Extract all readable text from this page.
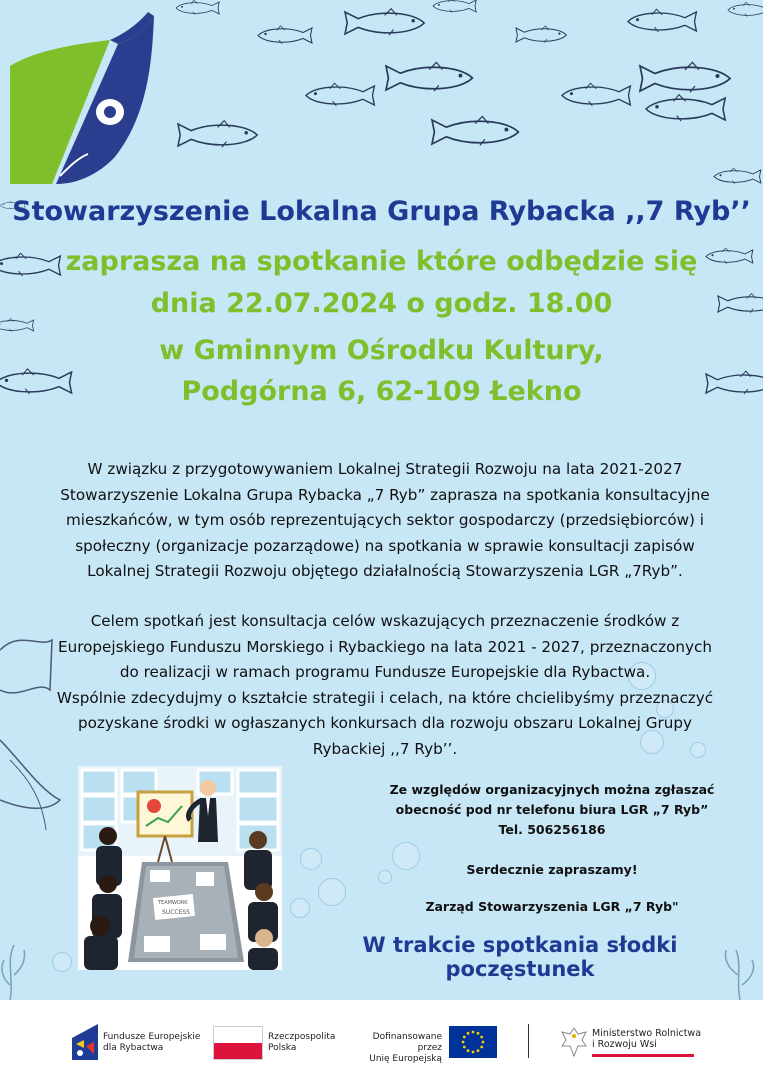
Stowarzyszenie Lokalna Grupa Rybacka ,,7 Ryb’’
zaprasza na spotkanie które odbędzie się
dnia 22.07.2024 o godz. 18.00
w Gminnym Ośrodku Kultury,
Podgórna 6, 62-109 Łekno

W związku z przygotowywaniem Lokalnej Strategii Rozwoju na lata 2021-2027

Stowarzyszenie Lokalna Grupa Rybacka „7 Ryb” zaprasza na spotkania konsultacyjne

mieszkańców, w tym osób reprezentujących sektor gospodarczy (przedsiębiorców) i

społeczny (organizacje pozarządowe) na spotkania w sprawie konsultacji zapisów

Lokalnej Strategii Rozwoju objętego działalnością Stowarzyszenia LGR „7Ryb”.

Celem spotkań jest konsultacja celów wskazujących przeznaczenie środków z

Europejskiego Funduszu Morskiego i Rybackiego na lata 2021 - 2027, przeznaczonych

do realizacji w ramach programu Fundusze Europejskie dla Rybactwa.

Wspólnie zdecydujmy o kształcie strategii i celach, na które chcielibyśmy przeznaczyć

pozyskane środki w ogłaszanych konkursach dla rozwoju obszaru Lokalnej Grupy

Rybackiej ,,7 Ryb’’.

TEAMWORK
SUCCESS

Ze względów organizacyjnych można zgłaszać

obecność pod nr telefonu biura LGR „7 Ryb”

Tel. 506256186

Serdecznie zapraszamy!
Zarząd Stowarzyszenia LGR „7 Ryb"
W trakcie spotkania słodki poczęstunek
Fundusze Europejskie
dla Rybactwa
Rzeczpospolita
Polska
Dofinansowane przez
Unię Europejską
Ministerstwo Rolnictwa
i Rozwoju Wsi
